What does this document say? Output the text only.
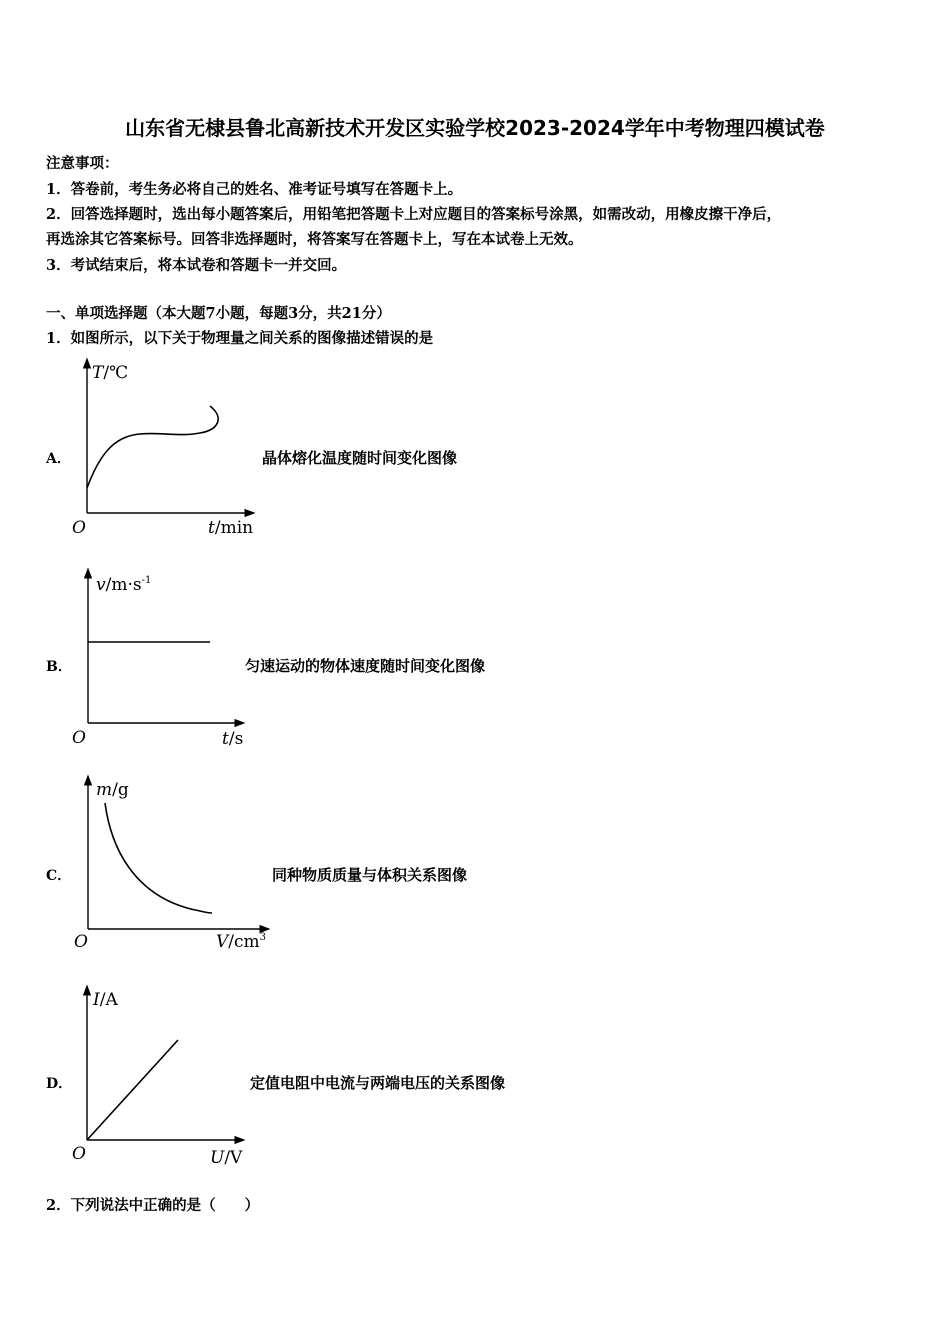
山东省无棣县鲁北高新技术开发区实验学校2023-2024学年中考物理四模试卷
注意事项：
1．答卷前，考生务必将自己的姓名、准考证号填写在答题卡上。
2．回答选择题时，选出每小题答案后，用铅笔把答题卡上对应题目的答案标号涂黑，如需改动，用橡皮擦干净后，
再选涂其它答案标号。回答非选择题时，将答案写在答题卡上，写在本试卷上无效。
3．考试结束后，将本试卷和答题卡一并交回。
一、单项选择题（本大题7小题，每题3分，共21分）
1．如图所示，以下关于物理量之间关系的图像描述错误的是
A．
T/℃
O	t/min
晶体熔化温度随时间变化图像
B．
$v/m\cdot s^{-1}$
O	t/s
匀速运动的物体速度随时间变化图像
C．
m/g
O	$V/cm^3$
同种物质质量与体积关系图像
D．
I/A
O	U/V
定值电阻中电流与两端电压的关系图像
2．下列说法中正确的是（　　）
